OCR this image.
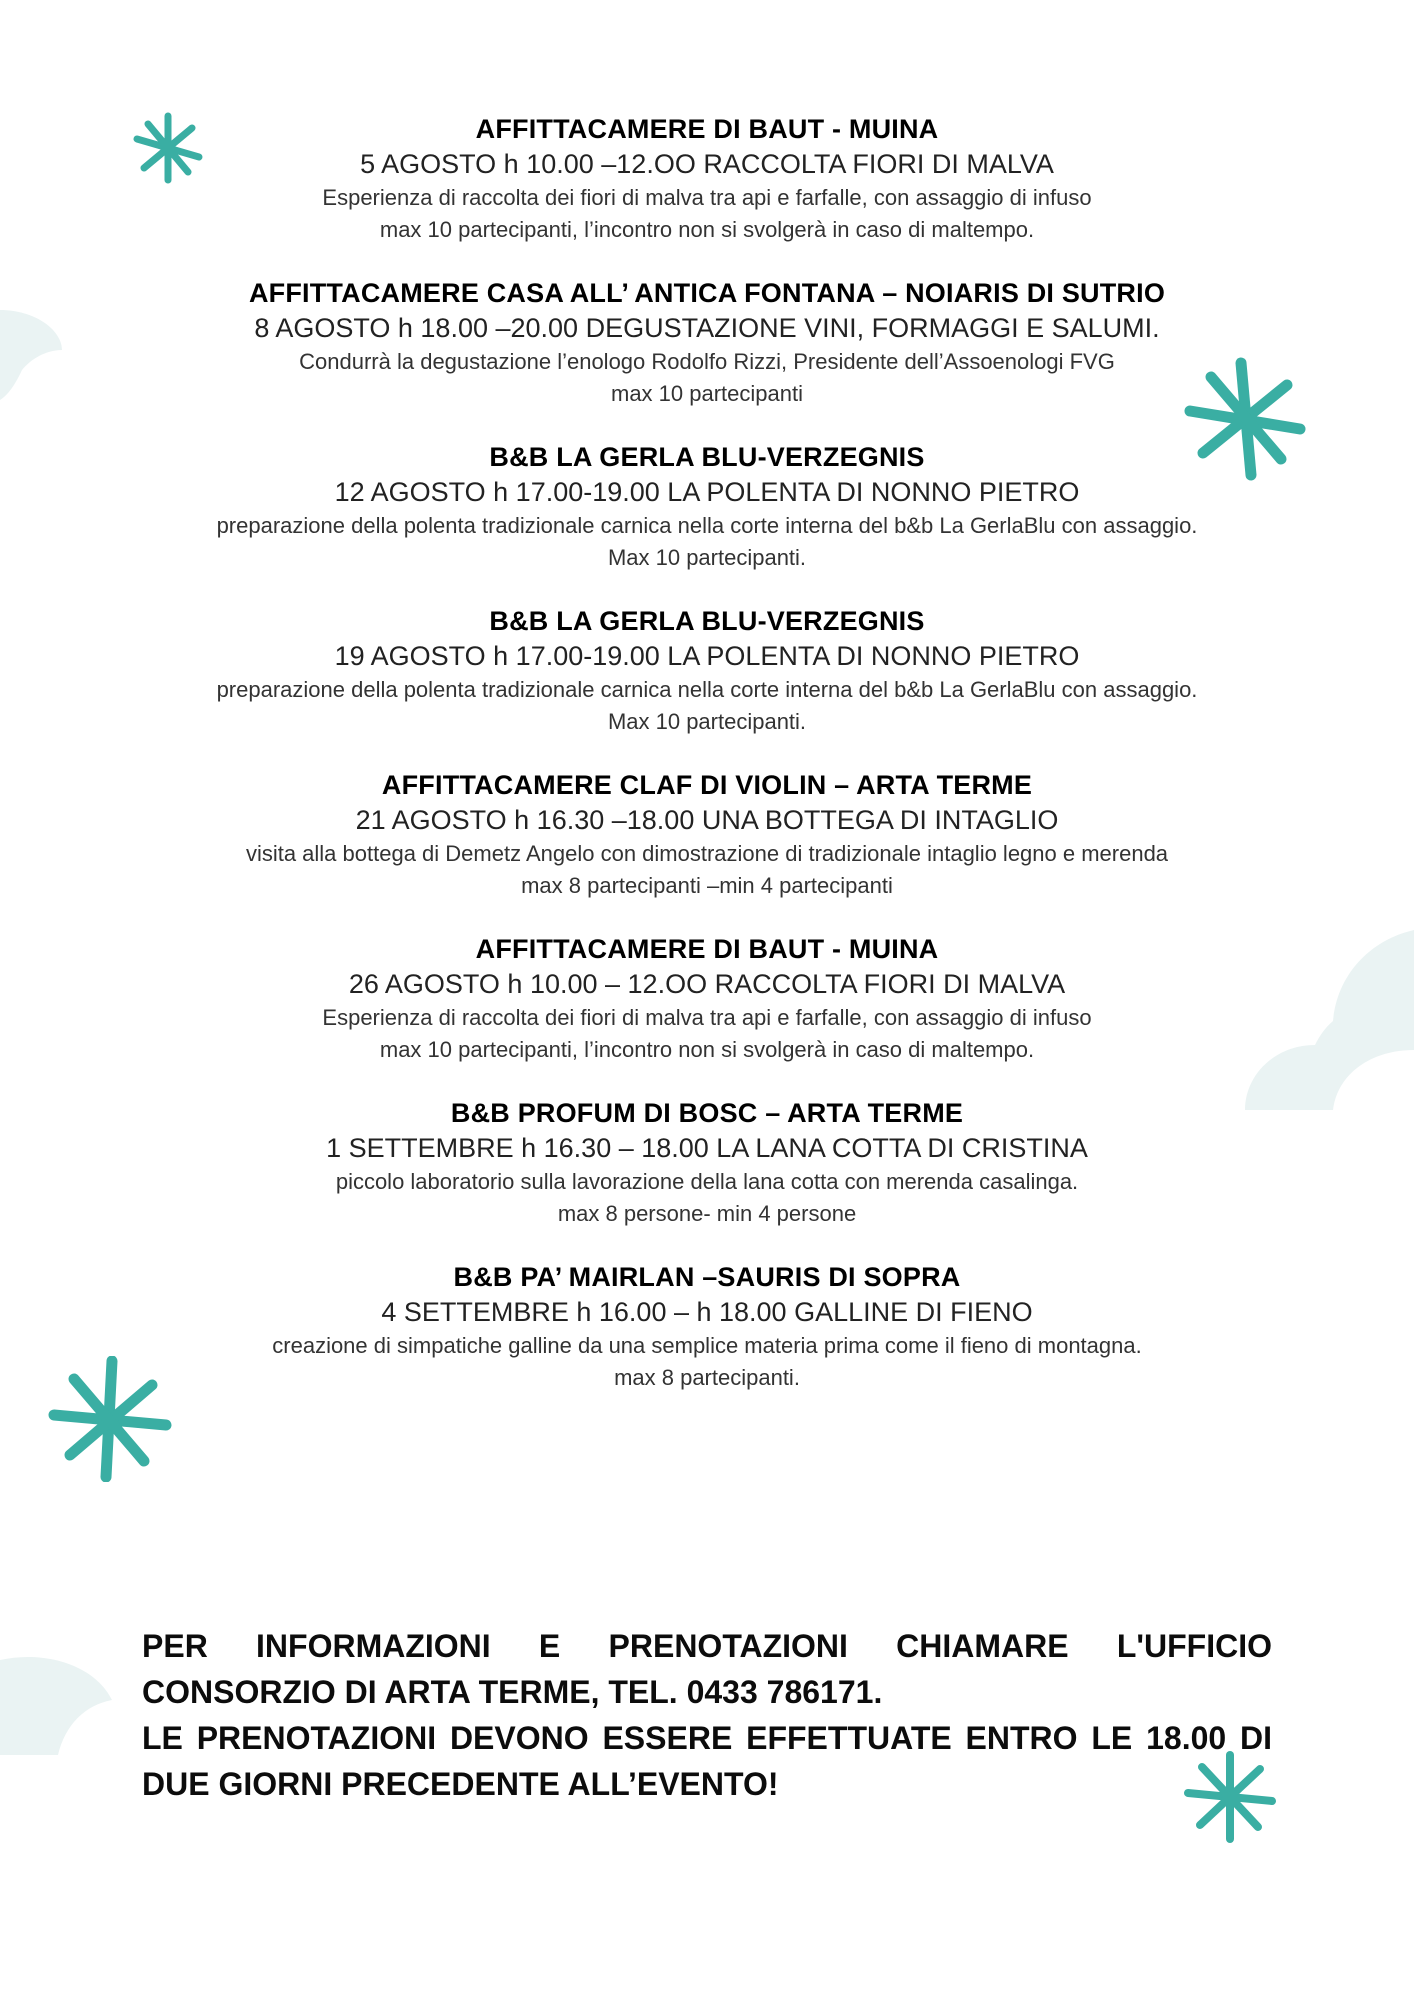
AFFITTACAMERE DI BAUT - MUINA
5 AGOSTO h 10.00 –12.OO RACCOLTA FIORI DI MALVA
Esperienza di raccolta dei fiori di malva tra api e farfalle, con assaggio di infuso
max 10 partecipanti, l’incontro non si svolgerà in caso di maltempo.
AFFITTACAMERE CASA ALL’ ANTICA FONTANA – NOIARIS DI SUTRIO
8 AGOSTO h 18.00 –20.00 DEGUSTAZIONE VINI, FORMAGGI E SALUMI.
Condurrà la degustazione l’enologo Rodolfo Rizzi, Presidente dell’Assoenologi FVG
max 10 partecipanti
B&B LA GERLA BLU-VERZEGNIS
12 AGOSTO h 17.00-19.00 LA POLENTA DI NONNO PIETRO
preparazione della polenta tradizionale carnica nella corte interna del b&b La GerlaBlu con assaggio.
Max 10 partecipanti.
B&B LA GERLA BLU-VERZEGNIS
19 AGOSTO h 17.00-19.00 LA POLENTA DI NONNO PIETRO
preparazione della polenta tradizionale carnica nella corte interna del b&b La GerlaBlu con assaggio.
Max 10 partecipanti.
AFFITTACAMERE CLAF DI VIOLIN – ARTA TERME
21 AGOSTO h 16.30 –18.00 UNA BOTTEGA DI INTAGLIO
visita alla bottega di Demetz Angelo con dimostrazione di tradizionale intaglio legno e merenda
max 8 partecipanti –min 4 partecipanti
AFFITTACAMERE DI BAUT - MUINA
26 AGOSTO h 10.00 – 12.OO RACCOLTA FIORI DI MALVA
Esperienza di raccolta dei fiori di malva tra api e farfalle, con assaggio di infuso
max 10 partecipanti, l’incontro non si svolgerà in caso di maltempo.
B&B PROFUM DI BOSC – ARTA TERME
1 SETTEMBRE h 16.30 – 18.00 LA LANA COTTA DI CRISTINA
piccolo laboratorio sulla lavorazione della lana cotta con merenda casalinga.
max 8 persone- min 4 persone
B&B PA’ MAIRLAN –SAURIS DI SOPRA
4 SETTEMBRE h 16.00 – h 18.00 GALLINE DI FIENO
creazione di simpatiche galline da una semplice materia prima come il fieno di montagna.
max 8 partecipanti.
PER INFORMAZIONI E PRENOTAZIONI CHIAMARE L'UFFICIO
CONSORZIO DI ARTA TERME, TEL. 0433 786171.
LE PRENOTAZIONI DEVONO ESSERE EFFETTUATE ENTRO LE 18.00 DI
DUE GIORNI PRECEDENTE ALL’EVENTO!
